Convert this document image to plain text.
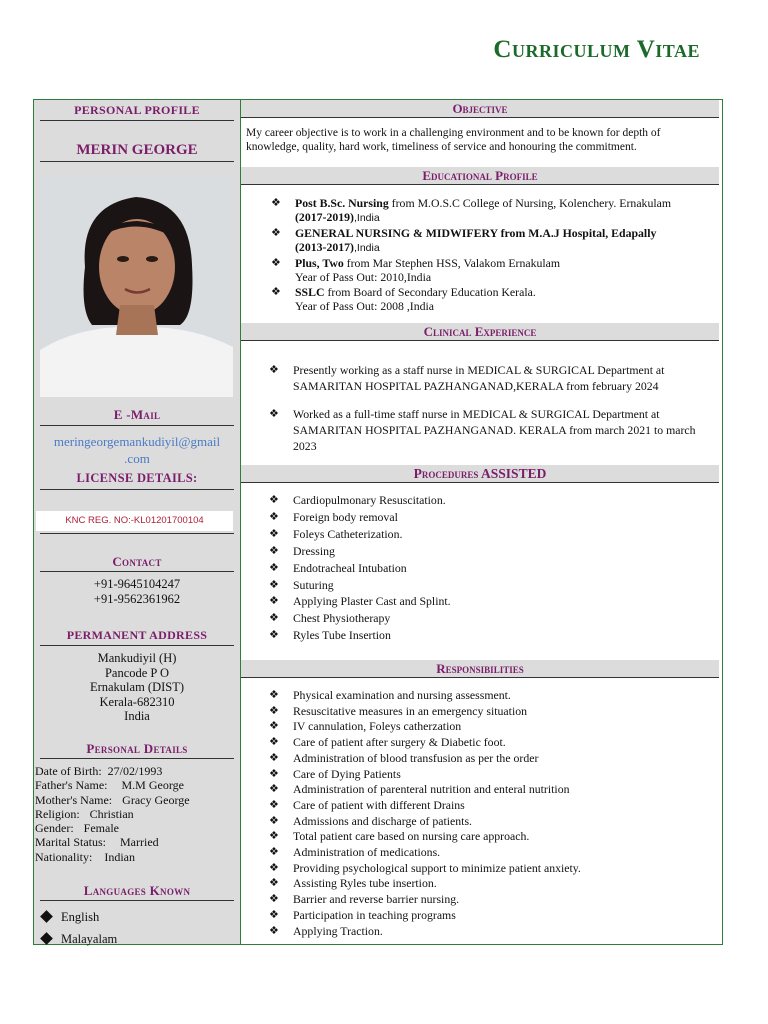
Curriculum Vitae
PERSONAL PROFILE
MERIN GEORGE
E -Mail
meringeorgemankudiyil@gmail
.com
LICENSE DETAILS:
KNC REG. NO:-KL01201700104
Contact
+91-9645104247
+91-9562361962
PERMANENT ADDRESS
Mankudiyil (H)
Pancode P O
Ernakulam (DIST)
Kerala-682310
India
Personal Details
Date of Birth: 27/02/1993
Father's Name: M.M George
Mother's Name: Gracy George
Religion: Christian
Gender: Female
Marital Status: Married
Nationality: Indian
Languages Known
English
Malayalam
Objective
My career objective is to work in a challenging environment and to be known for depth of knowledge, quality, hard work, timeliness of service and honouring the commitment.
Educational Profile
❖ Post B.Sc. Nursing from M.O.S.C College of Nursing, Kolenchery. Ernakulam
(2017-2019),India
❖ GENERAL NURSING & MIDWIFERY from M.A.J Hospital, Edapally
(2013-2017),India
❖ Plus, Two from Mar Stephen HSS, Valakom Ernakulam
Year of Pass Out: 2010,India
❖ SSLC from Board of Secondary Education Kerala.
Year of Pass Out: 2008 ,India
Clinical Experience
❖ Presently working as a staff nurse in MEDICAL & SURGICAL Department at SAMARITAN HOSPITAL PAZHANGANAD,KERALA from february 2024
❖ Worked as a full-time staff nurse in MEDICAL & SURGICAL Department at SAMARITAN HOSPITAL PAZHANGANAD. KERALA from march 2021 to march 2023
Procedures ASSISTED
❖ Cardiopulmonary Resuscitation.
❖ Foreign body removal
❖ Foleys Catheterization.
❖ Dressing
❖ Endotracheal Intubation
❖ Suturing
❖ Applying Plaster Cast and Splint.
❖ Chest Physiotherapy
❖ Ryles Tube Insertion
Responsibilities
❖ Physical examination and nursing assessment.
❖ Resuscitative measures in an emergency situation
❖ IV cannulation, Foleys catherzation
❖ Care of patient after surgery & Diabetic foot.
❖ Administration of blood transfusion as per the order
❖ Care of Dying Patients
❖ Administration of parenteral nutrition and enteral nutrition
❖ Care of patient with different Drains
❖ Admissions and discharge of patients.
❖ Total patient care based on nursing care approach.
❖ Administration of medications.
❖ Providing psychological support to minimize patient anxiety.
❖ Assisting Ryles tube insertion.
❖ Barrier and reverse barrier nursing.
❖ Participation in teaching programs
❖ Applying Traction.
